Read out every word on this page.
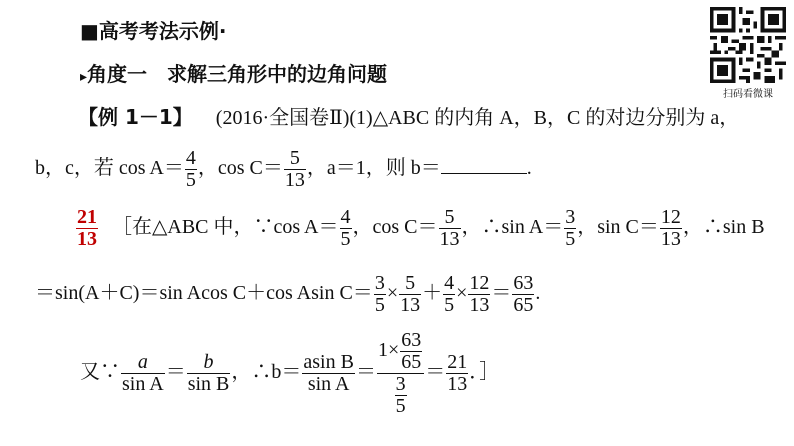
■高考考法示例·
▸角度一　求解三角形中的边角问题
扫码看微课
【例 1－1】 (2016·全国卷Ⅱ)(1)△ABC 的内角 A，B，C 的对边分别为 a，
b，c，若 $\cos A= \frac{4}{5}$ ，$\cos C= \frac{5}{13}$ ，a＝1，则 b＝	.
$\frac{21}{13}$ ［在△ABC 中，∵cos $A= \frac{4}{5}$ ，$\cos C= \frac{5}{13}$ ，∴sin $A= \frac{3}{5}$ ，$\sin C= \frac{12}{13}$ ，∴sin B
＝sin(A＋C)＝sin Acos C＋cos Asin $C= \frac{3}{5} \times \frac{5}{13} + \frac{4}{5} \times \frac{12}{13} = \frac{63}{65}$ .
又∵ $\frac{a}{\text{sin A}} = \frac{b}{\text{sin B}}$ ，∴b＝ $\frac{\text{asin B}}{\text{sin A}} = \frac{1\times \frac{63}{65}}{\frac{3}{5}} = \frac{21}{13}$ ．］
